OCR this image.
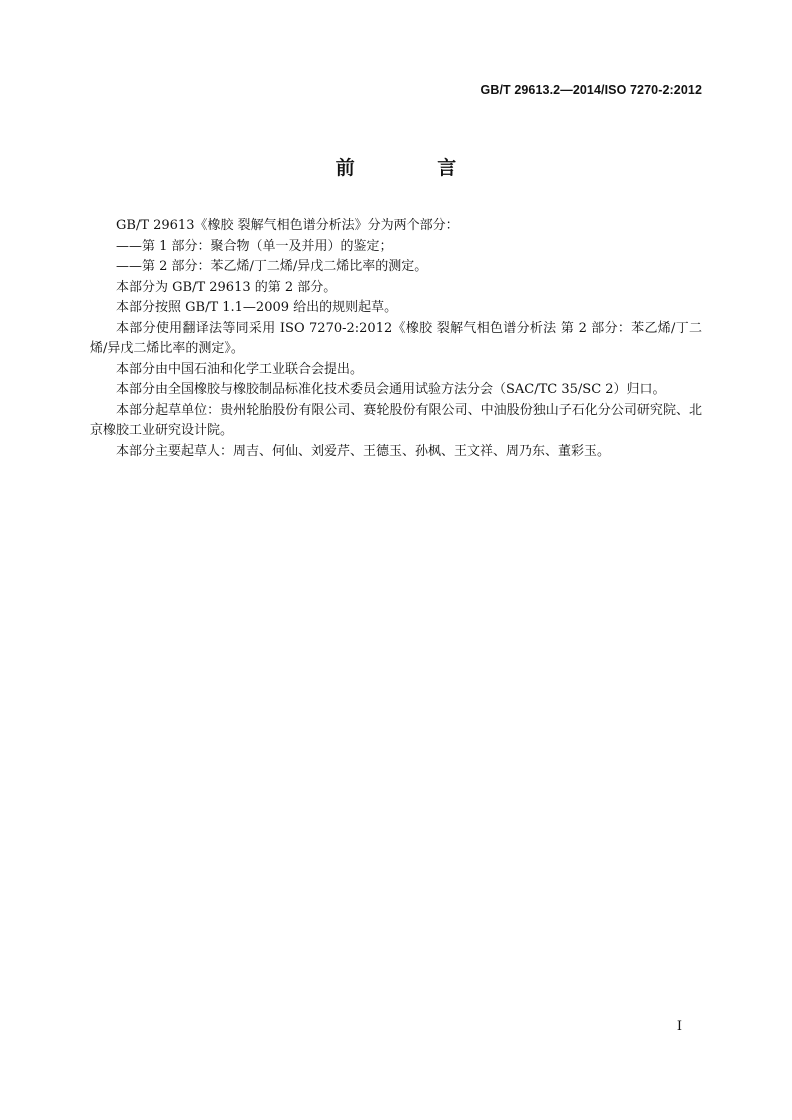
GB/T 29613.2—2014/ISO 7270-2:2012
前 言

GB/T 29613《橡胶 裂解气相色谱分析法》分为两个部分：

——第 1 部分：聚合物（单一及并用）的鉴定；

——第 2 部分：苯乙烯/丁二烯/异戊二烯比率的测定。

本部分为 GB/T 29613 的第 2 部分。

本部分按照 GB/T 1.1—2009 给出的规则起草。

本部分使用翻译法等同采用 ISO 7270-2:2012《橡胶 裂解气相色谱分析法 第 2 部分：苯乙烯/丁二烯/异戊二烯比率的测定》。

本部分由中国石油和化学工业联合会提出。

本部分由全国橡胶与橡胶制品标准化技术委员会通用试验方法分会（SAC/TC 35/SC 2）归口。

本部分起草单位：贵州轮胎股份有限公司、赛轮股份有限公司、中油股份独山子石化分公司研究院、北京橡胶工业研究设计院。

本部分主要起草人：周吉、何仙、刘爱芹、王德玉、孙枫、王文祥、周乃东、董彩玉。

I
